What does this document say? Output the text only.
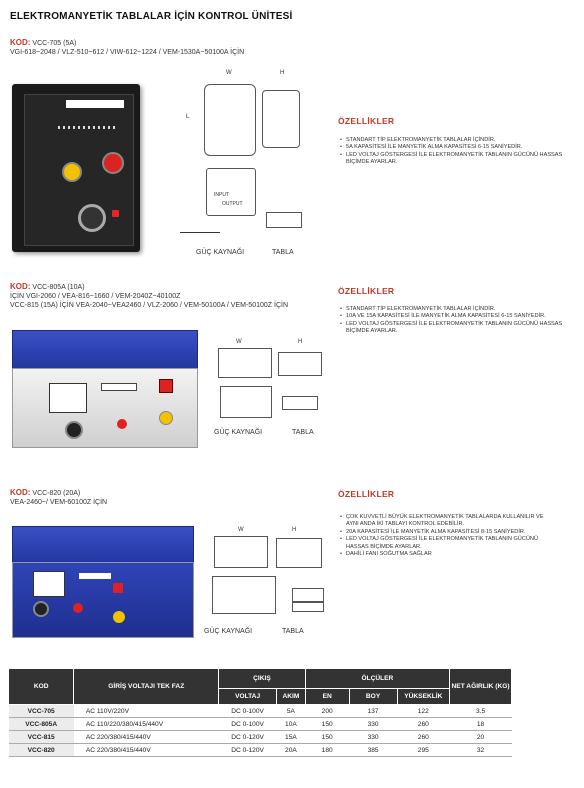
ELEKTROMANYETİK TABLALAR İÇİN KONTROL ÜNİTESİ
KOD: VCC-705 (5A)
VGI-618~2048 / VLZ-510~612 / VIW-612~1224 / VEM-1530A~50100A İÇİN
W	H
L
INPUT
OUTPUT
GÜÇ KAYNAĞI	TABLA
ÖZELLİKLER
• STANDART TİP ELEKTROMANYETİK TABLALAR İÇİNDİR.
• 5A KAPASİTESİ İLE MANYETİK ALMA KAPASİTESİ 6-15 SANİYEDİR.
• LED VOLTAJ GÖSTERGESİ İLE ELEKTROMANYETİK TABLANIN GÜCÜNÜ HASSAS BİÇİMDE AYARLAR.
KOD: VCC-805A (10A)
İÇİN VGI-2060 / VEA-816~1660 / VEM-2040Z~40100Z
VCC-815 (15A) İÇİN VEA-2040~VEA2460 / VLZ-2060 / VEM-50100A / VEM-50100Z İÇİN
W	H
GÜÇ KAYNAĞI	TABLA
ÖZELLİKLER
• STANDART TİP ELEKTROMANYETİK TABLALAR İÇİNDİR.
• 10A VE 15A KAPASİTESİ İLE MANYETİK ALMA KAPASİTESİ 6-15 SANİYEDİR.
• LED VOLTAJ GÖSTERGESİ İLE ELEKTROMANYETİK TABLANIN GÜCÜNÜ HASSAS BİÇİMDE AYARLAR.
KOD: VCC-820 (20A)
VEA-2460~/ VEM-60100Z İÇİN
W	H
GÜÇ KAYNAĞI	TABLA
ÖZELLİKLER
• ÇOK KUVVETLİ BÜYÜK ELEKTROMANYETİK TABLALARDA KULLANILIR VE AYNI ANDA İKİ TABLAYI KONTROL EDEBİLİR.
• 20A KAPASİTESİ İLE MANYETİK ALMA KAPASİTESİ 8-15 SANİYEDİR.
• LED VOLTAJ GÖSTERGESİ İLE ELEKTROMANYETİK TABLANIN GÜCÜNÜ HASSAS BİÇİMDE AYARLAR.
• DAHİLİ FANI SOĞUTMA SAĞLAR
KOD	GİRİŞ VOLTAJI TEK FAZ	ÇIKIŞ		ÖLÇÜLER			NET AĞIRLIK (KG)
		VOLTAJ	AKIM	EN	BOY	YÜKSEKLİK	
VCC-705	AC 110V/220V	DC 0-100V	5A	200	137	122	3.5
VCC-805A	AC 110/220/380/415/440V	DC 0-100V	10A	150	330	260	18
VCC-815	AC 220/380/415/440V	DC 0-120V	15A	150	330	260	20
VCC-820	AC 220/380/415/440V	DC 0-120V	20A	180	385	295	32
